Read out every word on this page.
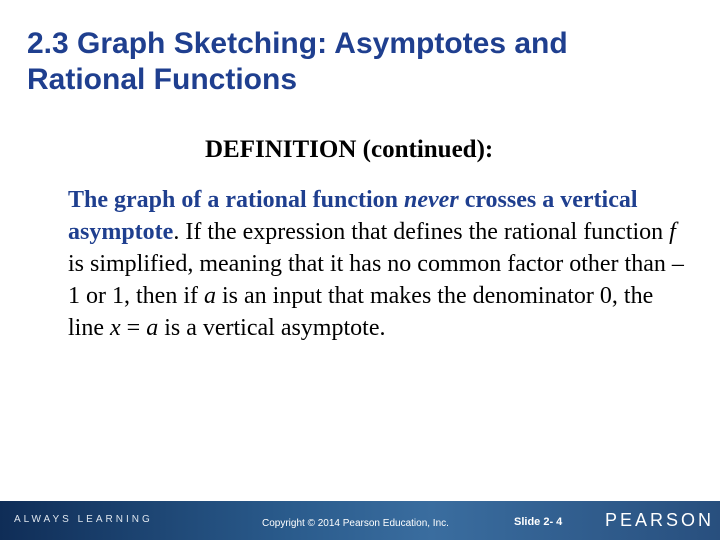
2.3 Graph Sketching: Asymptotes and
Rational Functions

DEFINITION (continued):

The graph of a rational function never crosses a vertical asymptote. If the expression that defines the rational function f is simplified, meaning that it has no common factor other than –1 or 1, then if a is an input that makes the denominator 0, the line x = a is a vertical asymptote.

ALWAYS LEARNING	Copyright © 2014 Pearson Education, Inc.	Slide 2- 4 PEARSON
